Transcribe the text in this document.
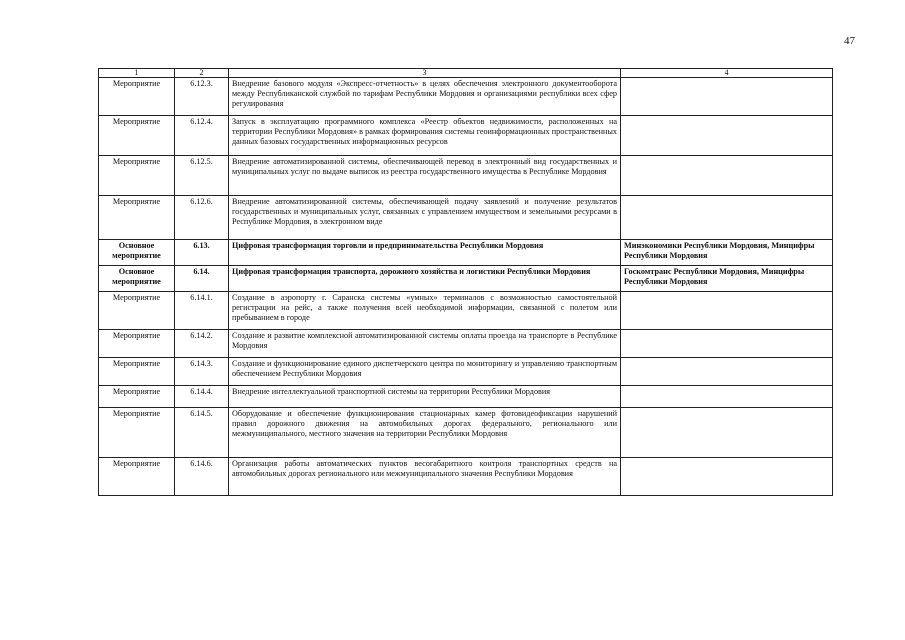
47
1	2	3	4
Мероприятие	6.12.3.	Внедрение базового модуля «Экспресс-отчетность» в целях обеспечения электронного документооборота между Республиканской службой по тарифам Республики Мордовия и организациями республики всех сфер регулирования	
Мероприятие	6.12.4.	Запуск в эксплуатацию программного комплекса «Реестр объектов недвижимости, расположенных на территории Республики Мордовия» в рамках формирования системы геоинформационных пространственных данных базовых государственных информационных ресурсов	
Мероприятие	6.12.5.	Внедрение автоматизированной системы, обеспечивающей перевод в электронный вид государственных и муниципальных услуг по выдаче выписок из реестра государственного имущества в Республике Мордовия	
Мероприятие	6.12.6.	Внедрение автоматизированной системы, обеспечивающей подачу заявлений и получение результатов государственных и муниципальных услуг, связанных с управлением имуществом и земельными ресурсами в Республике Мордовия, в электронном виде	
Основное мероприятие	6.13.	Цифровая трансформация торговли и предпринимательства Республики Мордовия	Минэкономики Республики Мордовия, Минцифры Республики Мордовия
Основное мероприятие	6.14.	Цифровая трансформация транспорта, дорожного хозяйства и логистики Республики Мордовия	Госкомтранс Республики Мордовия, Минцифры Республики Мордовия
Мероприятие	6.14.1.	Создание в аэропорту г. Саранска системы «умных» терминалов с возможностью самостоятельной регистрации на рейс, а также получения всей необходимой информации, связанной с полетом или пребыванием в городе	
Мероприятие	6.14.2.	Создание и развитие комплексной автоматизированной системы оплаты проезда на транспорте в Республике Мордовия	
Мероприятие	6.14.3.	Создание и функционирование единого диспетчерского центра по мониторингу и управлению транспортным обеспечением Республики Мордовия	
Мероприятие	6.14.4.	Внедрение интеллектуальной транспортной системы на территории Республики Мордовия	
Мероприятие	6.14.5.	Оборудование и обеспечение функционирования стационарных камер фотовидеофиксации нарушений правил дорожного движения на автомобильных дорогах федерального, регионального или межмуниципального, местного значения на территории Республики Мордовия	
Мероприятие	6.14.6.	Организация работы автоматических пунктов весогабаритного контроля транспортных средств на автомобильных дорогах регионального или межмуниципального значения Республики Мордовия	
